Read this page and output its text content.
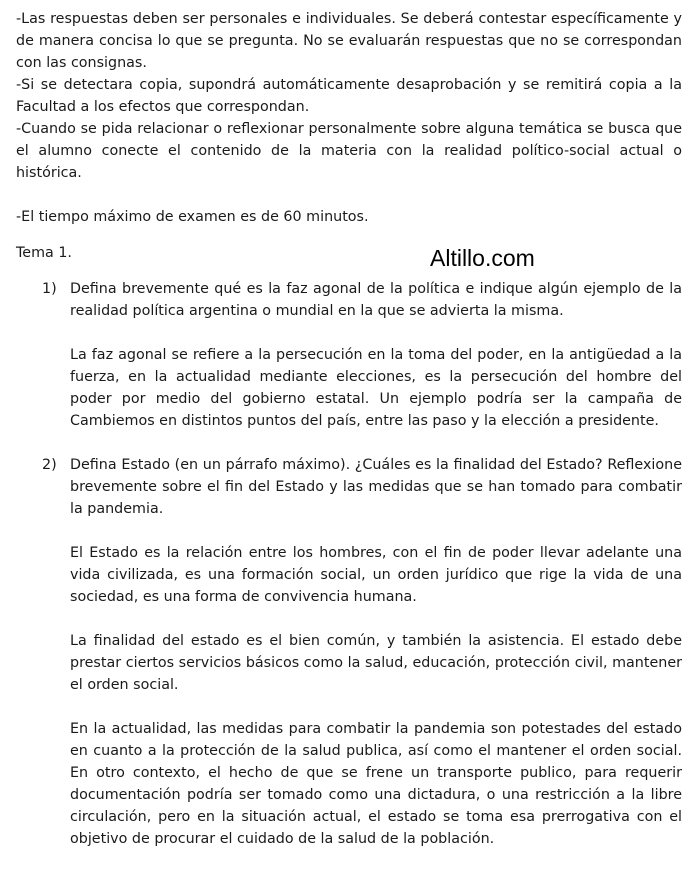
-Las respuestas deben ser personales e individuales. Se deberá contestar específicamente y de manera concisa lo que se pregunta. No se evaluarán respuestas que no se correspondan con las consignas.

-Si se detectara copia, supondrá automáticamente desaprobación y se remitirá copia a la Facultad a los efectos que correspondan.

-Cuando se pida relacionar o reflexionar personalmente sobre alguna temática se busca que el alumno conecte el contenido de la materia con la realidad político-social actual o histórica.

-El tiempo máximo de examen es de 60 minutos.

Tema 1.

1) Defina brevemente qué es la faz agonal de la política e indique algún ejemplo de la realidad política argentina o mundial en la que se advierta la misma.

La faz agonal se refiere a la persecución en la toma del poder, en la antigüedad a la fuerza, en la actualidad mediante elecciones, es la persecución del hombre del poder por medio del gobierno estatal. Un ejemplo podría ser la campaña de Cambiemos en distintos puntos del país, entre las paso y la elección a presidente.

2) Defina Estado (en un párrafo máximo). ¿Cuáles es la finalidad del Estado? Reflexione brevemente sobre el fin del Estado y las medidas que se han tomado para combatir la pandemia.

El Estado es la relación entre los hombres, con el fin de poder llevar adelante una vida civilizada, es una formación social, un orden jurídico que rige la vida de una sociedad, es una forma de convivencia humana.

La finalidad del estado es el bien común, y también la asistencia. El estado debe prestar ciertos servicios básicos como la salud, educación, protección civil, mantener el orden social.

En la actualidad, las medidas para combatir la pandemia son potestades del estado en cuanto a la protección de la salud publica, así como el mantener el orden social. En otro contexto, el hecho de que se frene un transporte publico, para requerir documentación podría ser tomado como una dictadura, o una restricción a la libre circulación, pero en la situación actual, el estado se toma esa prerrogativa con el objetivo de procurar el cuidado de la salud de la población.

Altillo.com
